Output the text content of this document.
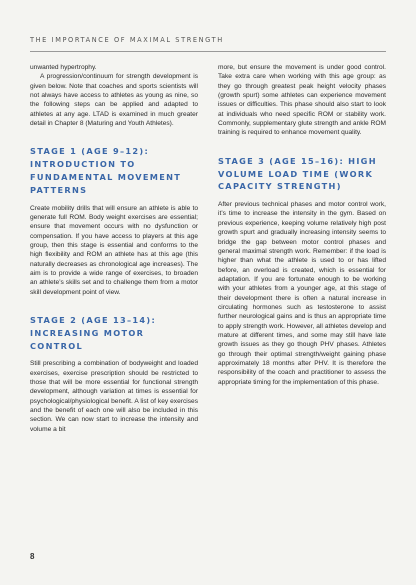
THE IMPORTANCE OF MAXIMAL STRENGTH

unwanted hypertrophy.

A progression/continuum for strength development is given below. Note that coaches and sports scientists will not always have access to athletes as young as nine, so the following steps can be applied and adapted to athletes at any age. LTAD is examined in much greater detail in Chapter 8 (Maturing and Youth Athletes).

STAGE 1 (AGE 9–12): INTRODUCTION TO FUNDAMENTAL MOVEMENT PATTERNS

Create mobility drills that will ensure an athlete is able to generate full ROM. Body weight exercises are essential; ensure that movement occurs with no dysfunction or compensation. If you have access to players at this age group, then this stage is essential and conforms to the high flexibility and ROM an athlete has at this age (this naturally decreases as chronological age increases). The aim is to provide a wide range of exercises, to broaden an athlete’s skills set and to challenge them from a motor skill development point of view.

STAGE 2 (AGE 13–14): INCREASING MOTOR CONTROL

Still prescribing a combination of bodyweight and loaded exercises, exercise prescription should be restricted to those that will be more essential for functional strength development, although variation at times is essential for psychological/physiological benefit. A list of key exercises and the benefit of each one will also be included in this section. We can now start to increase the intensity and volume a bit

more, but ensure the movement is under good control. Take extra care when working with this age group: as they go through greatest peak height velocity phases (growth spurt) some athletes can experience movement issues or difficulties. This phase should also start to look at individuals who need specific ROM or stability work. Commonly, supplementary glute strength and ankle ROM training is required to enhance movement quality.

STAGE 3 (AGE 15–16): HIGH VOLUME LOAD TIME (WORK CAPACITY STRENGTH)

After previous technical phases and motor control work, it’s time to increase the intensity in the gym. Based on previous experience, keeping volume relatively high post growth spurt and gradually increasing intensity seems to bridge the gap between motor control phases and general maximal strength work. Remember: if the load is higher than what the athlete is used to or has lifted before, an overload is created, which is essential for adaptation. If you are fortunate enough to be working with your athletes from a younger age, at this stage of their development there is often a natural increase in circulating hormones such as testosterone to assist further neurological gains and is thus an appropriate time to apply strength work. However, all athletes develop and mature at different times, and some may still have late growth issues as they go though PHV phases. Athletes go through their optimal strength/weight gaining phase approximately 18 months after PHV. It is therefore the responsibility of the coach and practitioner to assess the appropriate timing for the implementation of this phase.

8
